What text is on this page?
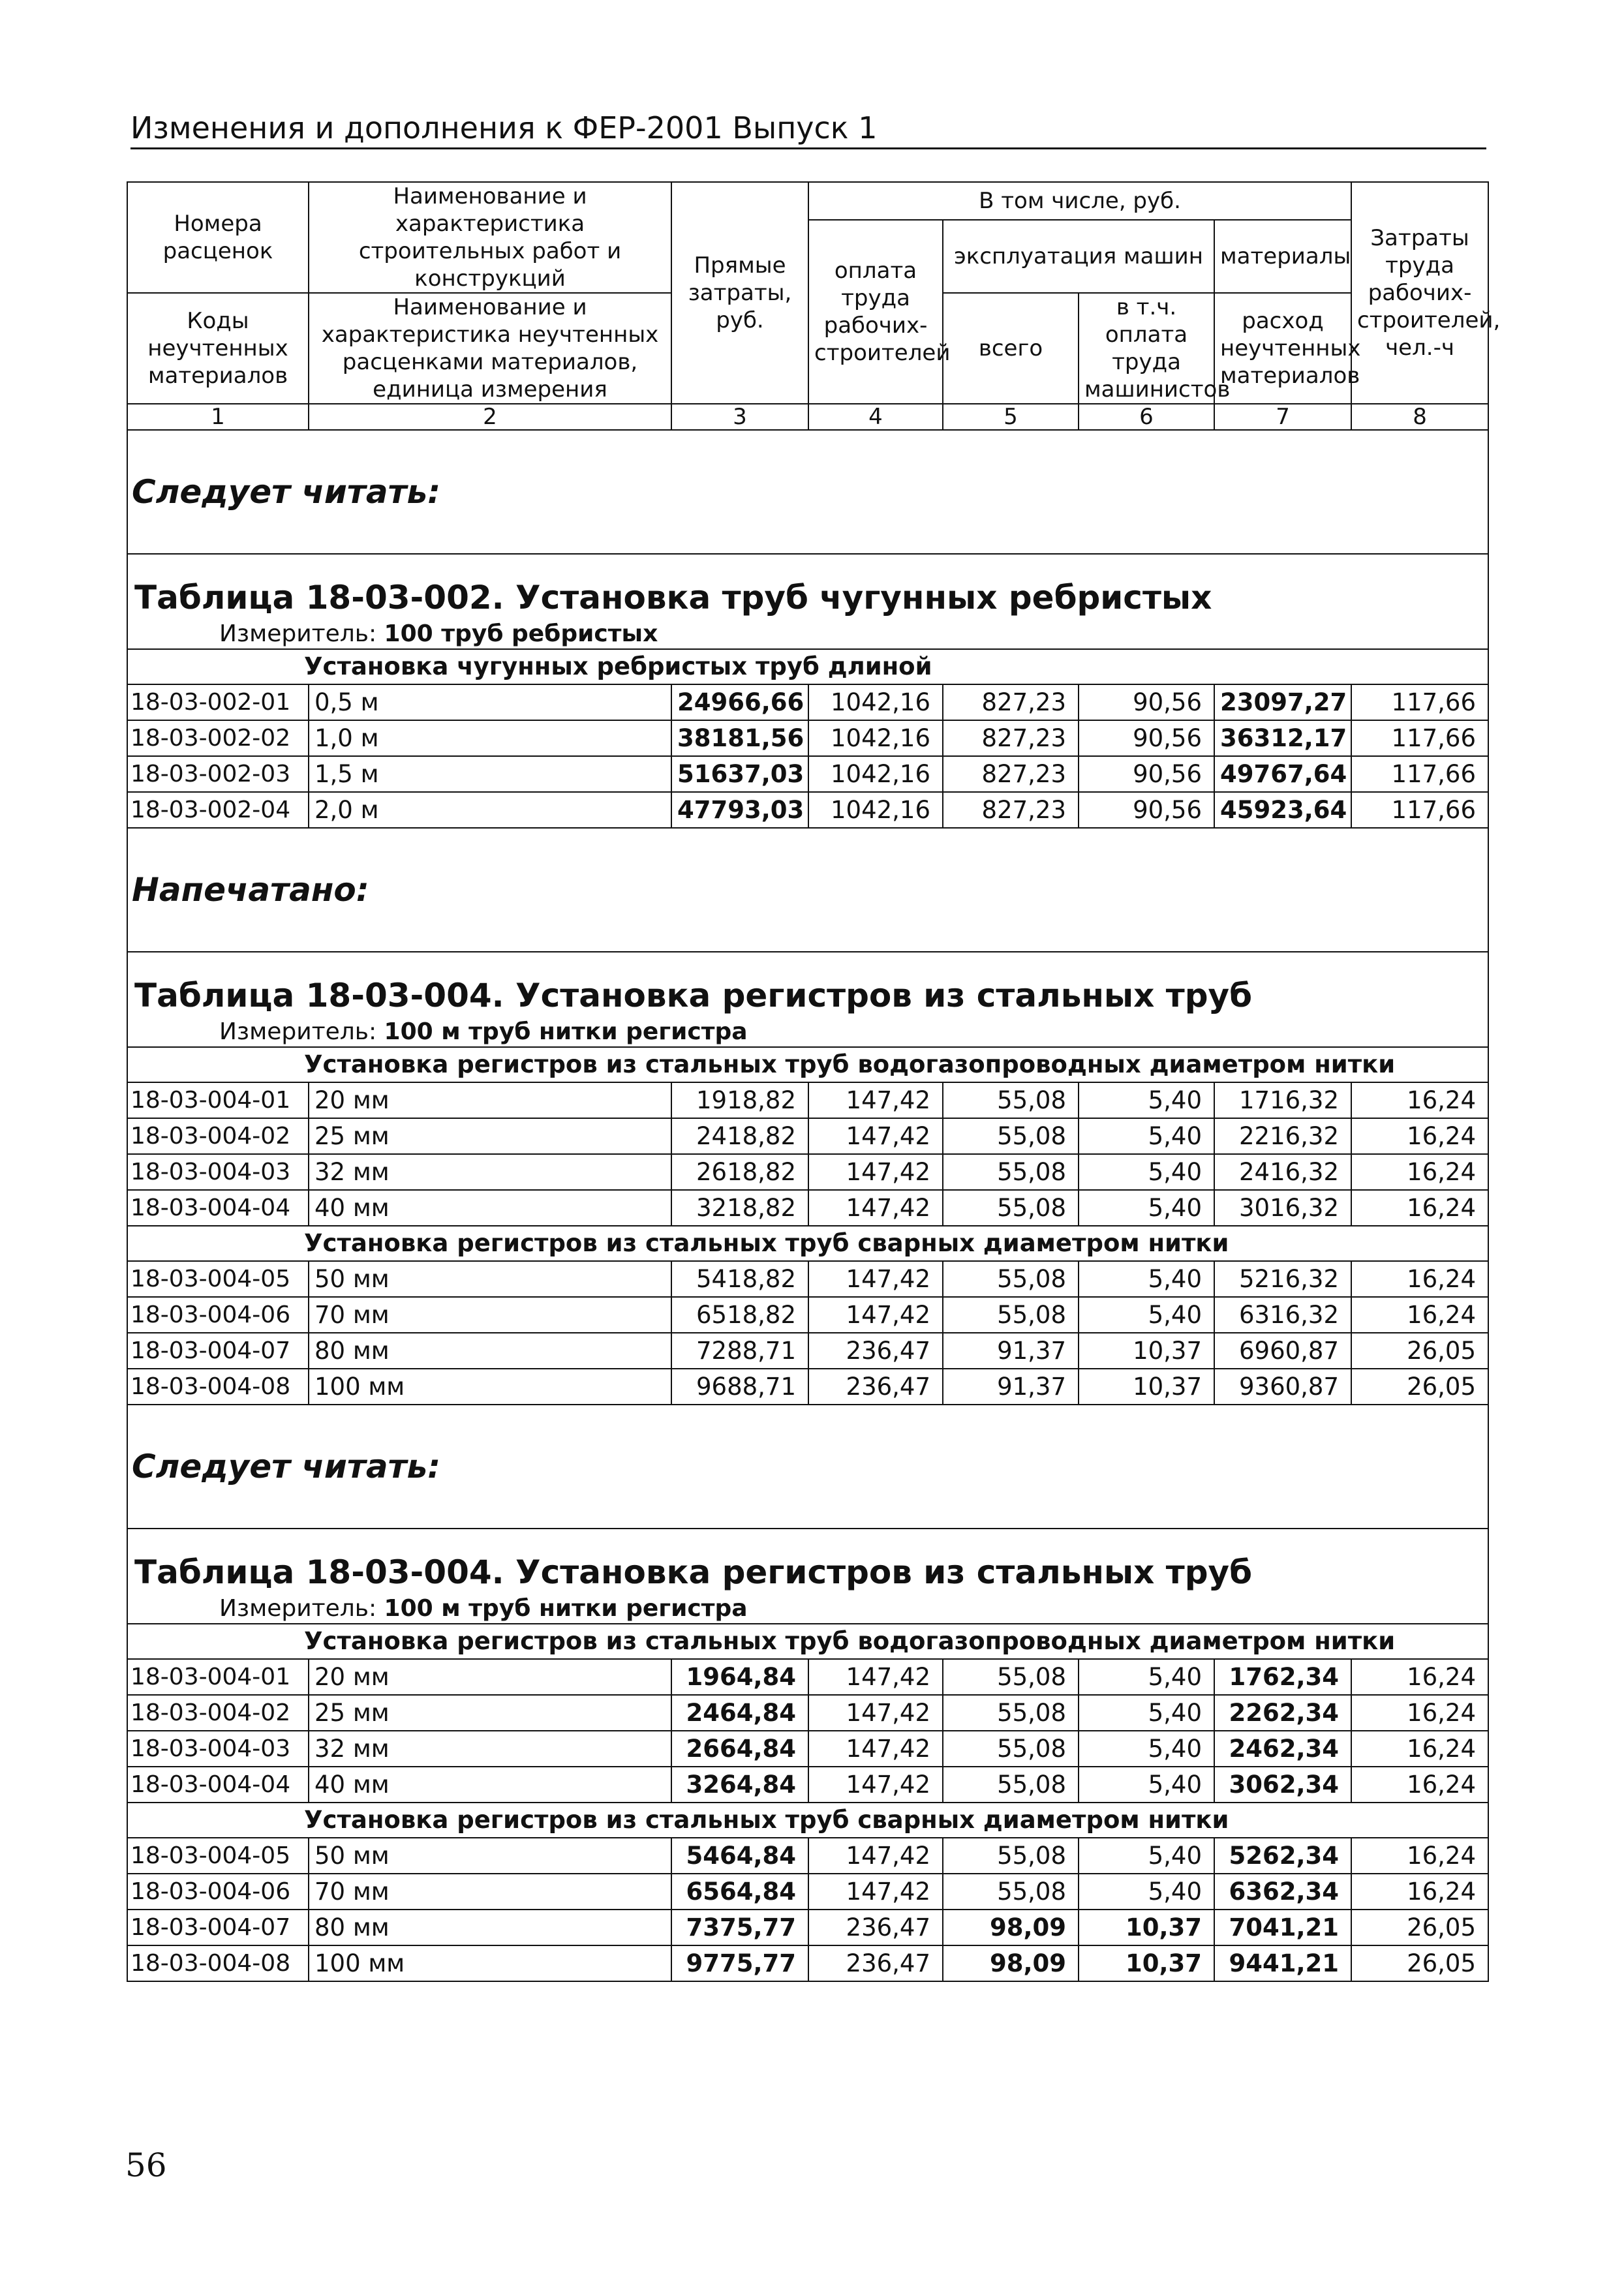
Изменения и дополнения к ФЕР-2001 Выпуск 1
Номера расценок	Наименование и характеристика строительных работ и конструкций	Прямые затраты, руб.	В том числе, руб.				Затраты труда рабочих-строителей, чел.-ч
			оплата труда рабочих-строителей	эксплуатация машин		материалы	
Коды неучтенных материалов	Наименование и характеристика неучтенных расценками материалов, единица измерения			всего	в т.ч. оплата труда машинистов	расход неучтенных материалов	
1	2	3	4	5	6	7	8
Следует читать:							
Таблица 18-03-002. Установка труб чугунных ребристых							
Измеритель: 100 труб ребристых							
Установка чугунных ребристых труб длиной							
18-03-002-01	0,5 м	24966,66	1042,16	827,23	90,56	23097,27	117,66
18-03-002-02	1,0 м	38181,56	1042,16	827,23	90,56	36312,17	117,66
18-03-002-03	1,5 м	51637,03	1042,16	827,23	90,56	49767,64	117,66
18-03-002-04	2,0 м	47793,03	1042,16	827,23	90,56	45923,64	117,66
Напечатано:							
Таблица 18-03-004. Установка регистров из стальных труб							
Измеритель: 100 м труб нитки регистра							
Установка регистров из стальных труб водогазопроводных диаметром нитки							
18-03-004-01	20 мм	1918,82	147,42	55,08	5,40	1716,32	16,24
18-03-004-02	25 мм	2418,82	147,42	55,08	5,40	2216,32	16,24
18-03-004-03	32 мм	2618,82	147,42	55,08	5,40	2416,32	16,24
18-03-004-04	40 мм	3218,82	147,42	55,08	5,40	3016,32	16,24
Установка регистров из стальных труб сварных диаметром нитки							
18-03-004-05	50 мм	5418,82	147,42	55,08	5,40	5216,32	16,24
18-03-004-06	70 мм	6518,82	147,42	55,08	5,40	6316,32	16,24
18-03-004-07	80 мм	7288,71	236,47	91,37	10,37	6960,87	26,05
18-03-004-08	100 мм	9688,71	236,47	91,37	10,37	9360,87	26,05
Следует читать:							
Таблица 18-03-004. Установка регистров из стальных труб							
Измеритель: 100 м труб нитки регистра							
Установка регистров из стальных труб водогазопроводных диаметром нитки							
18-03-004-01	20 мм	1964,84	147,42	55,08	5,40	1762,34	16,24
18-03-004-02	25 мм	2464,84	147,42	55,08	5,40	2262,34	16,24
18-03-004-03	32 мм	2664,84	147,42	55,08	5,40	2462,34	16,24
18-03-004-04	40 мм	3264,84	147,42	55,08	5,40	3062,34	16,24
Установка регистров из стальных труб сварных диаметром нитки							
18-03-004-05	50 мм	5464,84	147,42	55,08	5,40	5262,34	16,24
18-03-004-06	70 мм	6564,84	147,42	55,08	5,40	6362,34	16,24
18-03-004-07	80 мм	7375,77	236,47	98,09	10,37	7041,21	26,05
18-03-004-08	100 мм	9775,77	236,47	98,09	10,37	9441,21	26,05
56
